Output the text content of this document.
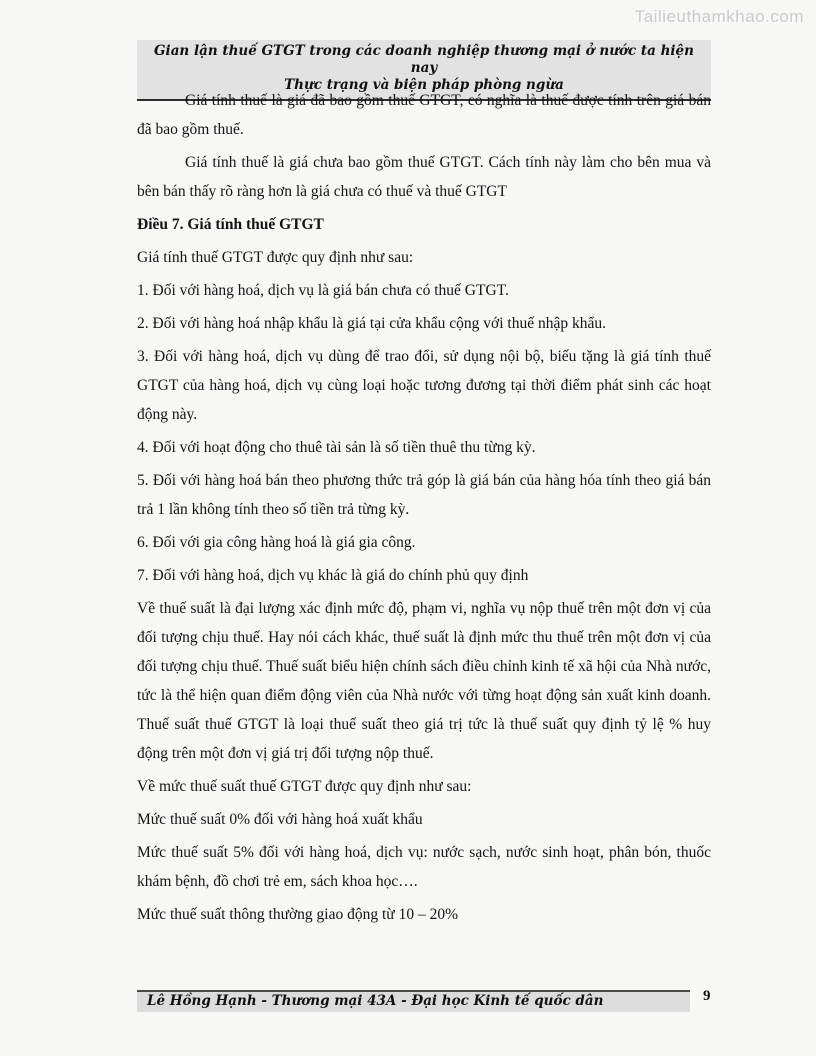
Tailieuthamkhao.com
Gian lận thuế GTGT trong các doanh nghiệp thương mại ở nước ta hiện nay
Thực trạng và biện pháp phòng ngừa

Giá tính thuế là giá đã bao gồm thuế GTGT, có nghĩa là thuế được tính trên giá bán đã bao gồm thuế.

Giá tính thuế là giá chưa bao gồm thuế GTGT. Cách tính này làm cho bên mua và bên bán thấy rõ ràng hơn là giá chưa có thuế và thuế GTGT

Điều 7. Giá tính thuế GTGT

Giá tính thuế GTGT được quy định như sau:

1. Đối với hàng hoá, dịch vụ là giá bán chưa có thuế GTGT.

2. Đối với hàng hoá nhập khẩu là giá tại cửa khẩu cộng với thuế nhập khẩu.

3. Đối với hàng hoá, dịch vụ dùng để trao đổi, sử dụng nội bộ, biếu tặng là giá tính thuế GTGT của hàng hoá, dịch vụ cùng loại hoặc tương đương tại thời điểm phát sinh các hoạt động này.

4. Đối với hoạt động cho thuê tài sản là số tiền thuê thu từng kỳ.

5. Đối với hàng hoá bán theo phương thức trả góp là giá bán của hàng hóa tính theo giá bán trả 1 lần không tính theo số tiền trả từng kỳ.

6. Đối với gia công hàng hoá là giá gia công.

7. Đối với hàng hoá, dịch vụ khác là giá do chính phủ quy định

Về thuế suất là đại lượng xác định mức độ, phạm vi, nghĩa vụ nộp thuế trên một đơn vị của đối tượng chịu thuế. Hay nói cách khác, thuế suất là định mức thu thuế trên một đơn vị của đối tượng chịu thuế. Thuế suất biểu hiện chính sách điều chỉnh kinh tế xã hội của Nhà nước, tức là thể hiện quan điểm động viên của Nhà nước với từng hoạt động sản xuất kinh doanh. Thuế suất thuế GTGT là loại thuế suất theo giá trị tức là thuế suất quy định tỷ lệ % huy động trên một đơn vị giá trị đối tượng nộp thuế.

Về mức thuế suất thuế GTGT được quy định như sau:

Mức thuế suất 0% đối với hàng hoá xuất khẩu

Mức thuế suất 5% đối với hàng hoá, dịch vụ: nước sạch, nước sinh hoạt, phân bón, thuốc khám bệnh, đồ chơi trẻ em, sách khoa học….

Mức thuế suất thông thường giao động từ 10 – 20%

Lê Hồng Hạnh - Thương mại 43A - Đại học Kinh tế quốc dân	9
